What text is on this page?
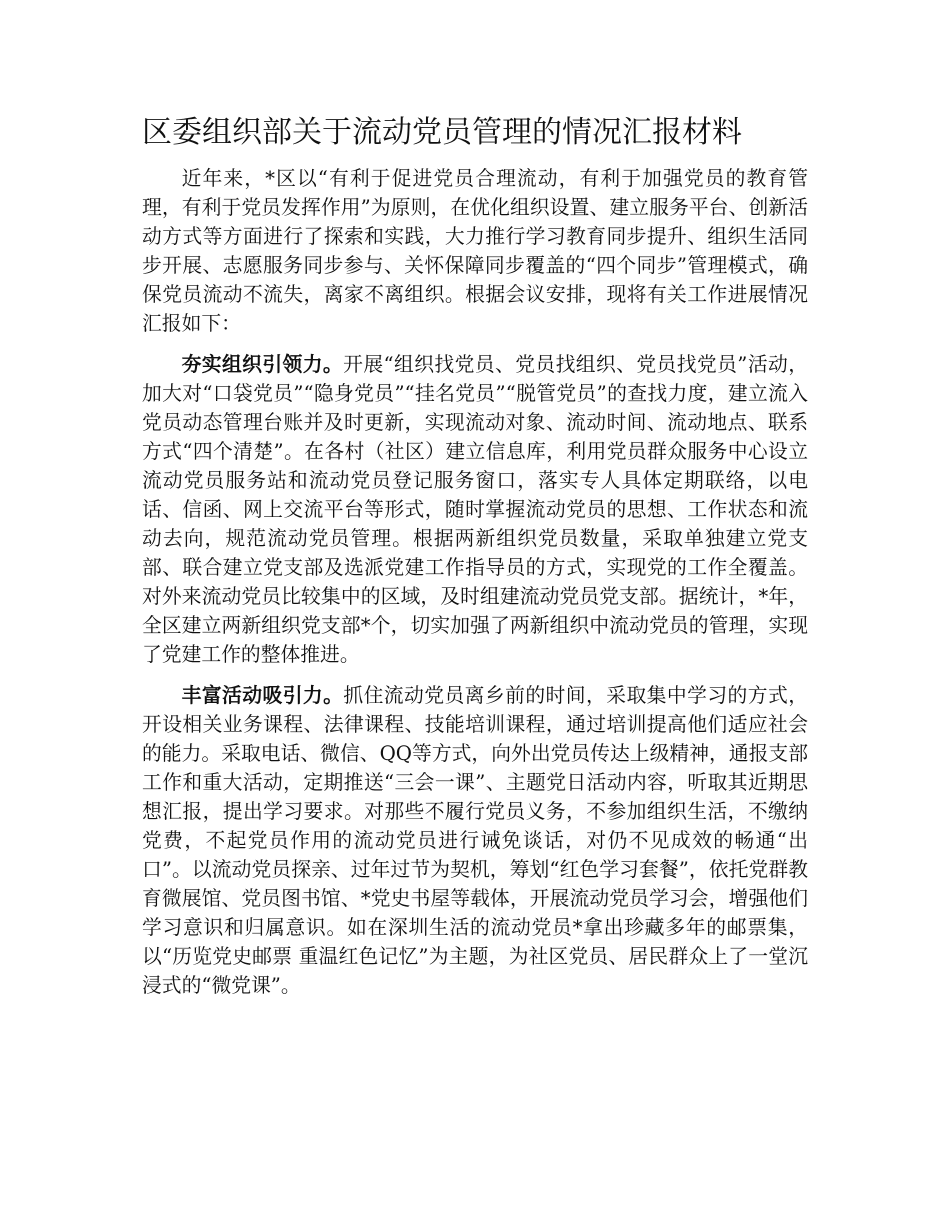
区委组织部关于流动党员管理的情况汇报材料

近年来，*区以“有利于促进党员合理流动，有利于加强党员的教育管理，有利于党员发挥作用”为原则，在优化组织设置、建立服务平台、创新活动方式等方面进行了探索和实践，大力推行学习教育同步提升、组织生活同步开展、志愿服务同步参与、关怀保障同步覆盖的“四个同步”管理模式，确保党员流动不流失，离家不离组织。根据会议安排，现将有关工作进展情况汇报如下：

夯实组织引领力。开展“组织找党员、党员找组织、党员找党员”活动，加大对“口袋党员”“隐身党员”“挂名党员”“脱管党员”的查找力度，建立流入党员动态管理台账并及时更新，实现流动对象、流动时间、流动地点、联系方式“四个清楚”。在各村（社区）建立信息库，利用党员群众服务中心设立流动党员服务站和流动党员登记服务窗口，落实专人具体定期联络，以电话、信函、网上交流平台等形式，随时掌握流动党员的思想、工作状态和流动去向，规范流动党员管理。根据两新组织党员数量，采取单独建立党支部、联合建立党支部及选派党建工作指导员的方式，实现党的工作全覆盖。对外来流动党员比较集中的区域，及时组建流动党员党支部。据统计，*年，全区建立两新组织党支部*个，切实加强了两新组织中流动党员的管理，实现了党建工作的整体推进。

丰富活动吸引力。抓住流动党员离乡前的时间，采取集中学习的方式，开设相关业务课程、法律课程、技能培训课程，通过培训提高他们适应社会的能力。采取电话、微信、QQ等方式，向外出党员传达上级精神，通报支部工作和重大活动，定期推送“三会一课”、主题党日活动内容，听取其近期思想汇报，提出学习要求。对那些不履行党员义务，不参加组织生活，不缴纳党费，不起党员作用的流动党员进行诫免谈话，对仍不见成效的畅通“出口”。以流动党员探亲、过年过节为契机，筹划“红色学习套餐”，依托党群教育微展馆、党员图书馆、*党史书屋等载体，开展流动党员学习会，增强他们学习意识和归属意识。如在深圳生活的流动党员*拿出珍藏多年的邮票集，以“历览党史邮票 重温红色记忆”为主题，为社区党员、居民群众上了一堂沉浸式的“微党课”。
